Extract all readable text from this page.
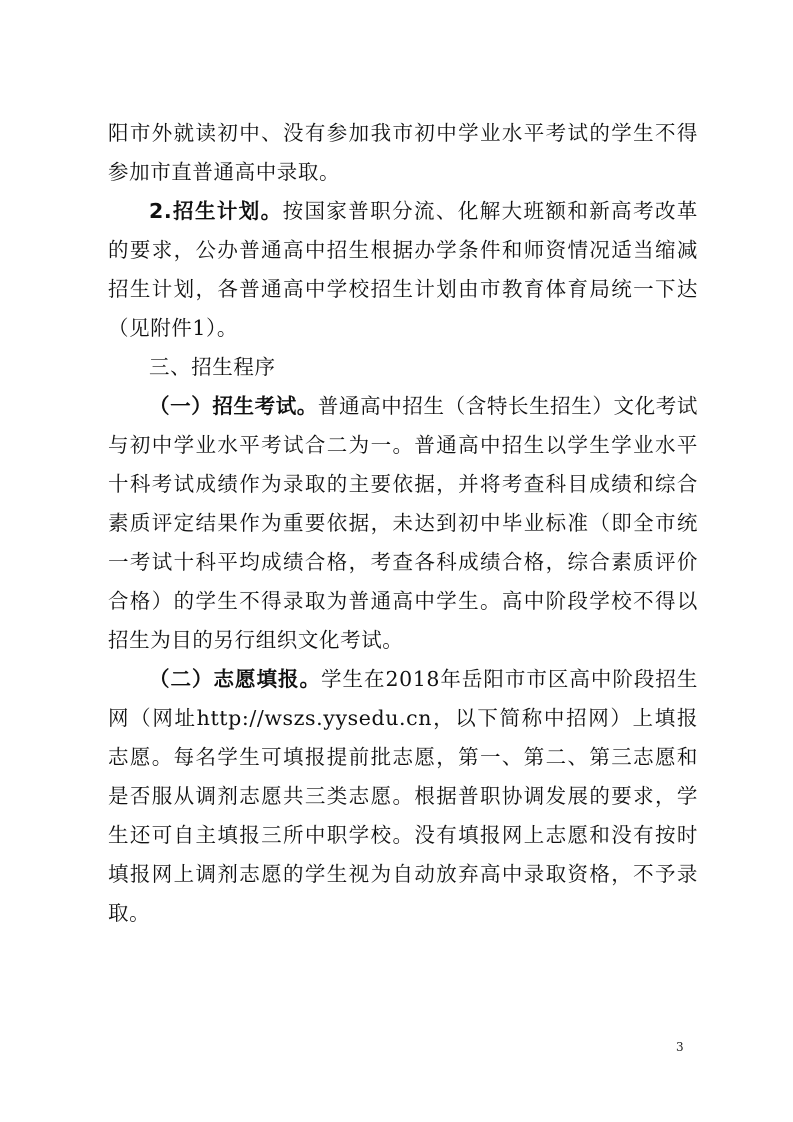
阳市外就读初中、没有参加我市初中学业水平考试的学生不得参加市直普通高中录取。

2.招生计划。按国家普职分流、化解大班额和新高考改革的要求，公办普通高中招生根据办学条件和师资情况适当缩减招生计划，各普通高中学校招生计划由市教育体育局统一下达（见附件1）。

三、招生程序

（一）招生考试。普通高中招生（含特长生招生）文化考试与初中学业水平考试合二为一。普通高中招生以学生学业水平十科考试成绩作为录取的主要依据，并将考查科目成绩和综合素质评定结果作为重要依据，未达到初中毕业标准（即全市统一考试十科平均成绩合格，考查各科成绩合格，综合素质评价合格）的学生不得录取为普通高中学生。高中阶段学校不得以招生为目的另行组织文化考试。

（二）志愿填报。学生在2018年岳阳市市区高中阶段招生网（网址http://wszs.yysedu.cn，以下简称中招网）上填报志愿。每名学生可填报提前批志愿，第一、第二、第三志愿和是否服从调剂志愿共三类志愿。根据普职协调发展的要求，学生还可自主填报三所中职学校。没有填报网上志愿和没有按时填报网上调剂志愿的学生视为自动放弃高中录取资格，不予录取。

3
